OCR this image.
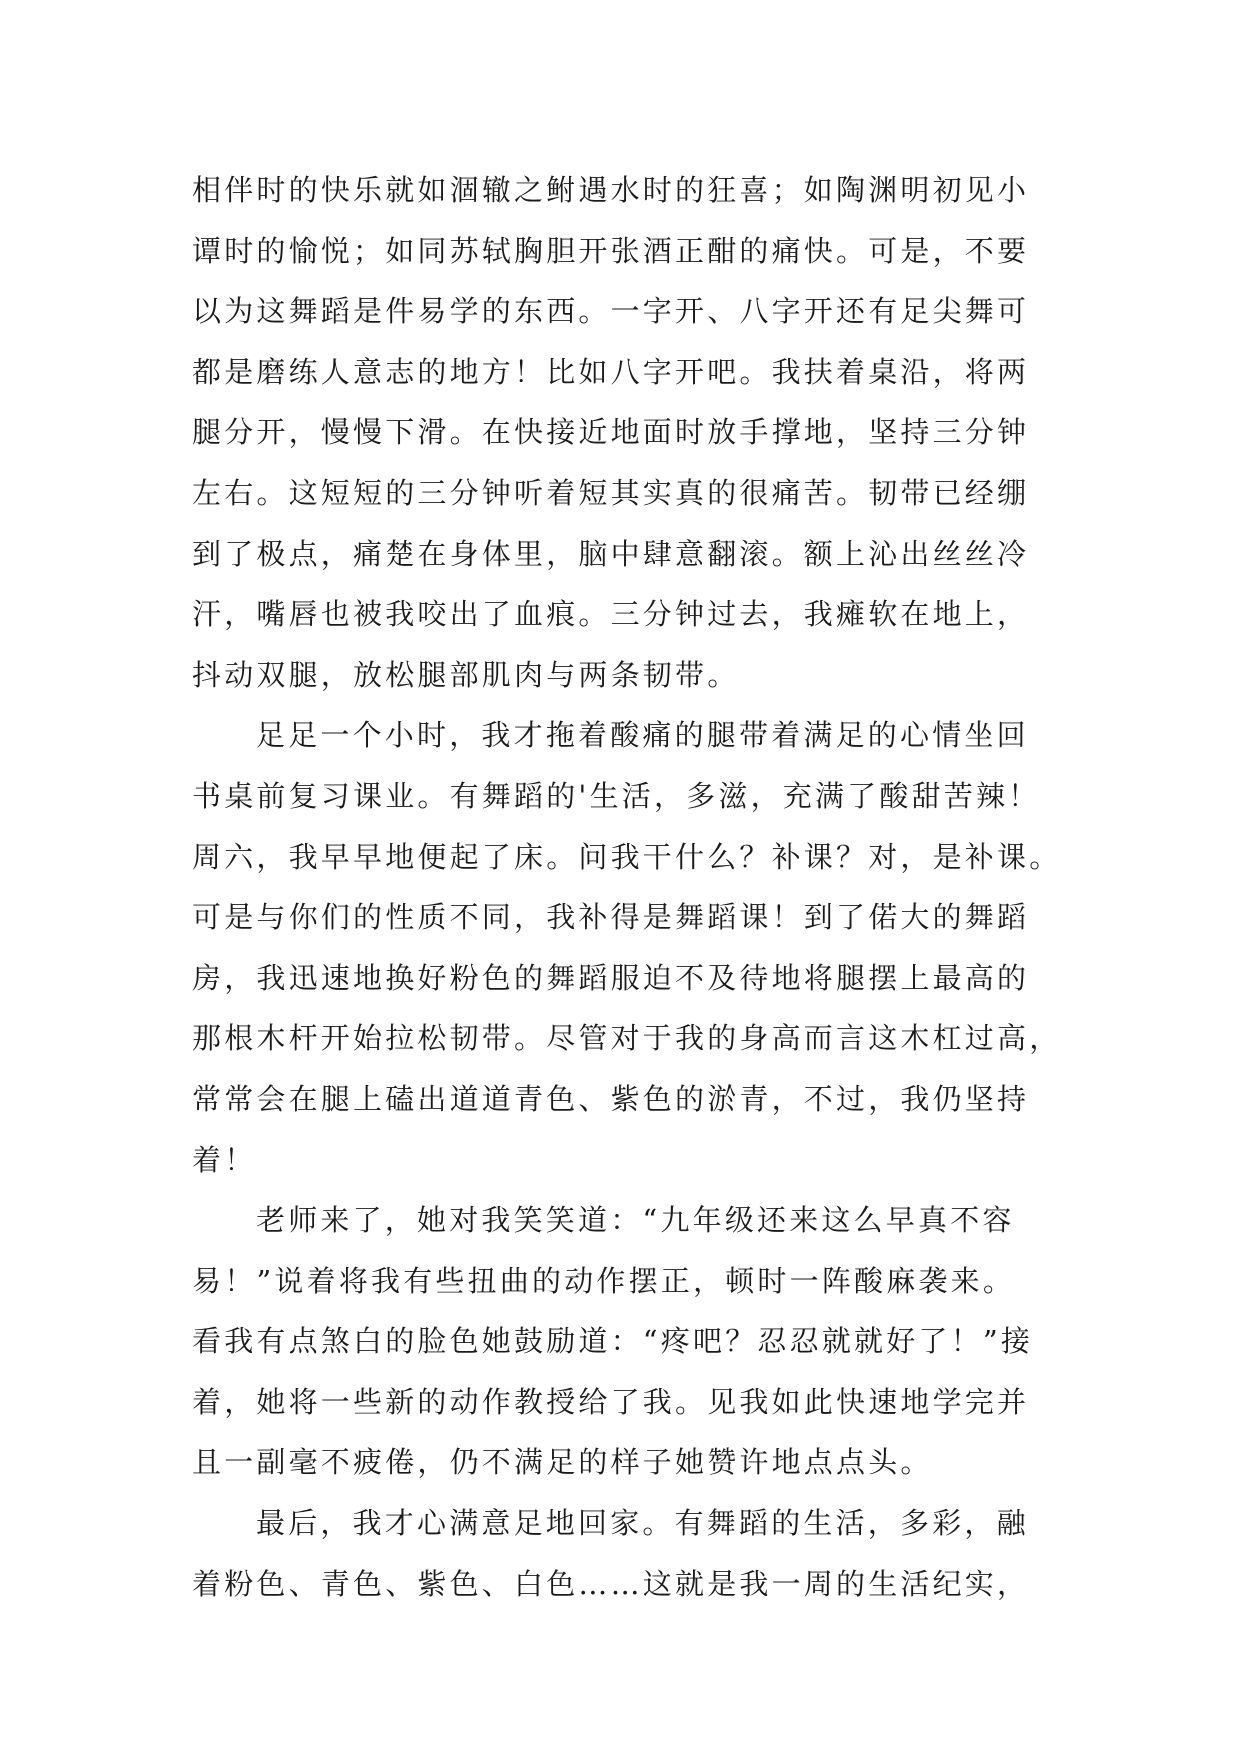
相伴时的快乐就如涸辙之鲋遇水时的狂喜；如陶渊明初见小
谭时的愉悦；如同苏轼胸胆开张酒正酣的痛快。可是，不要
以为这舞蹈是件易学的东西。一字开、八字开还有足尖舞可
都是磨练人意志的地方！比如八字开吧。我扶着桌沿，将两
腿分开，慢慢下滑。在快接近地面时放手撑地，坚持三分钟
左右。这短短的三分钟听着短其实真的很痛苦。韧带已经绷
到了极点，痛楚在身体里，脑中肆意翻滚。额上沁出丝丝冷
汗，嘴唇也被我咬出了血痕。三分钟过去，我瘫软在地上，
抖动双腿，放松腿部肌肉与两条韧带。
足足一个小时，我才拖着酸痛的腿带着满足的心情坐回
书桌前复习课业。有舞蹈的'生活，多滋，充满了酸甜苦辣！
周六，我早早地便起了床。问我干什么？补课？对，是补课。
可是与你们的性质不同，我补得是舞蹈课！到了偌大的舞蹈
房，我迅速地换好粉色的舞蹈服迫不及待地将腿摆上最高的
那根木杆开始拉松韧带。尽管对于我的身高而言这木杠过高，
常常会在腿上磕出道道青色、紫色的淤青，不过，我仍坚持
着！
老师来了，她对我笑笑道：“九年级还来这么早真不容
易！”说着将我有些扭曲的动作摆正，顿时一阵酸麻袭来。
看我有点煞白的脸色她鼓励道：“疼吧？忍忍就就好了！”接
着，她将一些新的动作教授给了我。见我如此快速地学完并
且一副毫不疲倦，仍不满足的样子她赞许地点点头。
最后，我才心满意足地回家。有舞蹈的生活，多彩，融
着粉色、青色、紫色、白色……这就是我一周的生活纪实，
